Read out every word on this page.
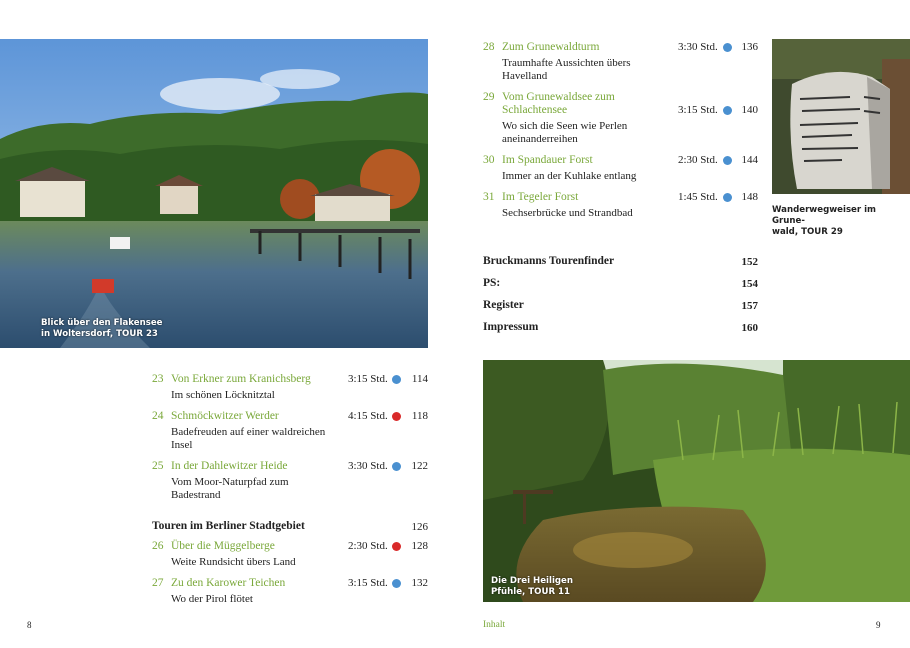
Blick über den Flakensee
in Woltersdorf, TOUR 23
23 Von Erkner zum Kranichsberg
Im schönen Löcknitztal
3:15 Std.	114
24 Schmöckwitzer Werder
Badefreuden auf einer waldreichen
Insel
4:15 Std.	118
25 In der Dahlewitzer Heide
Vom Moor-Naturpfad zum
Badestrand
3:30 Std.	122
Touren im Berliner Stadtgebiet	126
26 Über die Müggelberge
Weite Rundsicht übers Land
2:30 Std.	128
27 Zu den Karower Teichen
Wo der Pirol flötet
3:15 Std.	132
8
28 Zum Grunewaldturm
Traumhafte Aussichten übers
Havelland
3:30 Std.	136
29 Vom Grunewaldsee zum
Schlachtensee
Wo sich die Seen wie Perlen
aneinanderreihen
3:15 Std.	140
30 Im Spandauer Forst
Immer an der Kuhlake entlang
2:30 Std.	144
31 Im Tegeler Forst
Sechserbrücke und Strandbad
1:45 Std.	148
Bruckmanns Tourenfinder	152
PS:	154
Register	157
Impressum	160
Wanderwegweiser im Grune-
wald, TOUR 29
Die Drei Heiligen
Pfühle, TOUR 11
Inhalt	9
